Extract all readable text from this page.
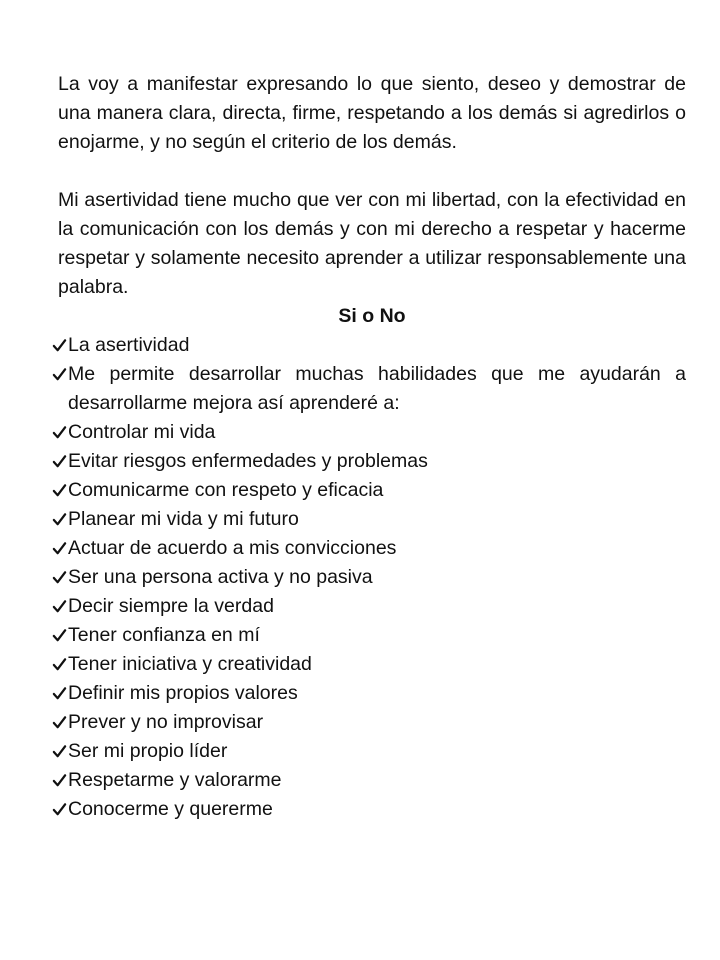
La voy a manifestar expresando lo que siento, deseo y demostrar de una manera clara, directa, firme, respetando a los demás si agredirlos o enojarme, y no según el criterio de los demás.

Mi asertividad tiene mucho que ver con mi libertad, con la efectividad en la comunicación con los demás y con mi derecho a respetar y hacerme respetar y solamente necesito aprender a utilizar responsablemente una palabra.

Si o No

La asertividad
Me permite desarrollar muchas habilidades que me ayudarán a desarrollarme mejora así aprenderé a:
Controlar mi vida
Evitar riesgos enfermedades y problemas
Comunicarme con respeto y eficacia
Planear mi vida y mi futuro
Actuar de acuerdo a mis convicciones
Ser una persona activa y no pasiva
Decir siempre la verdad
Tener confianza en mí
Tener iniciativa y creatividad
Definir mis propios valores
Prever y no improvisar
Ser mi propio líder
Respetarme y valorarme
Conocerme y quererme
